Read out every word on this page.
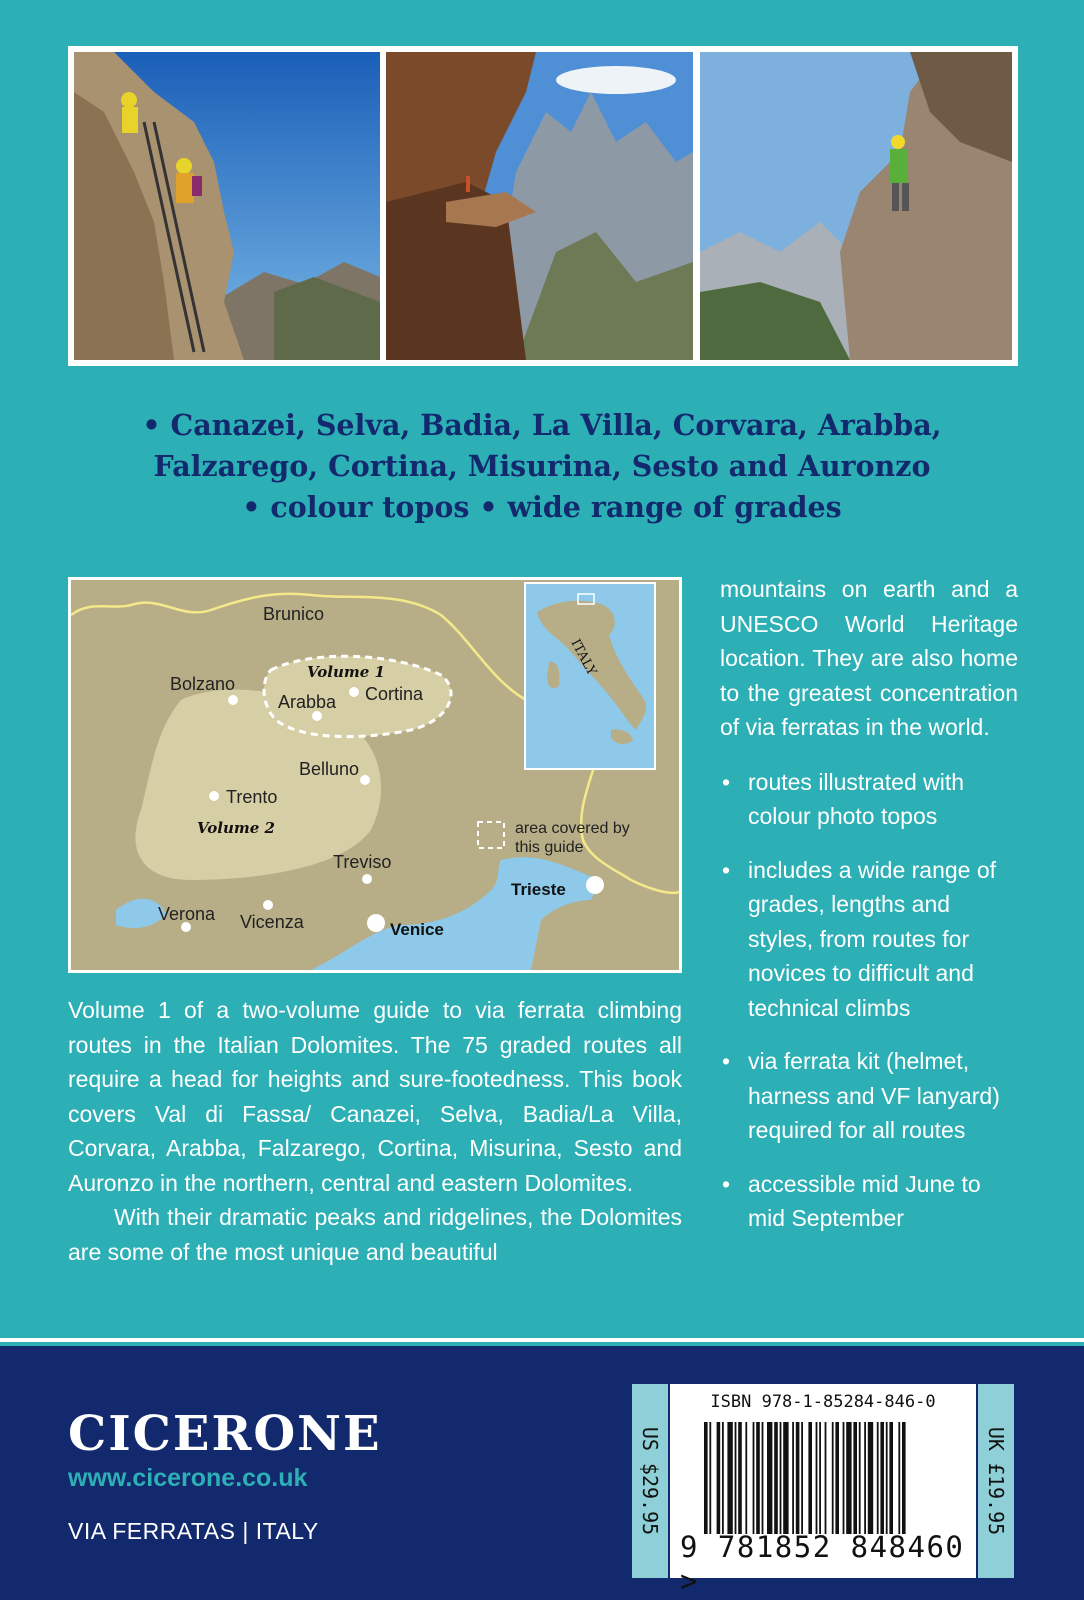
• Canazei, Selva, Badia, La Villa, Corvara, Arabba,
Falzarego, Cortina, Misurina, Sesto and Auronzo
• colour topos • wide range of grades
Brunico
Bolzano
Volume 1
Arabba Cortina
Belluno
Trento
Volume 2
Treviso
Verona Vicenza	Venice
Trieste
area covered by
this guide
ITALY

Volume 1 of a two-volume guide to via ferrata climbing routes in the Italian Dolomites. The 75 graded routes all require a head for heights and sure-footedness. This book covers Val di Fassa/ Canazei, Selva, Badia/La Villa, Corvara, Arabba, Falzarego, Cortina, Misurina, Sesto and Auronzo in the northern, central and eastern Dolomites.

With their dramatic peaks and ridgelines, the Dolomites are some of the most unique and beautiful

mountains on earth and a UNESCO World Heritage location. They are also home to the greatest concentration of via ferratas in the world.

• routes illustrated with colour photo topos
• includes a wide range of grades, lengths and styles, from routes for novices to difficult and technical climbs
• via ferrata kit (helmet, harness and VF lanyard) required for all routes
• accessible mid June to mid September
CICERONE
www.cicerone.co.uk
VIA FERRATAS | ITALY	US $29.95
ISBN 978-1-85284-846-0
9 781852 848460 >
UK £19.95
